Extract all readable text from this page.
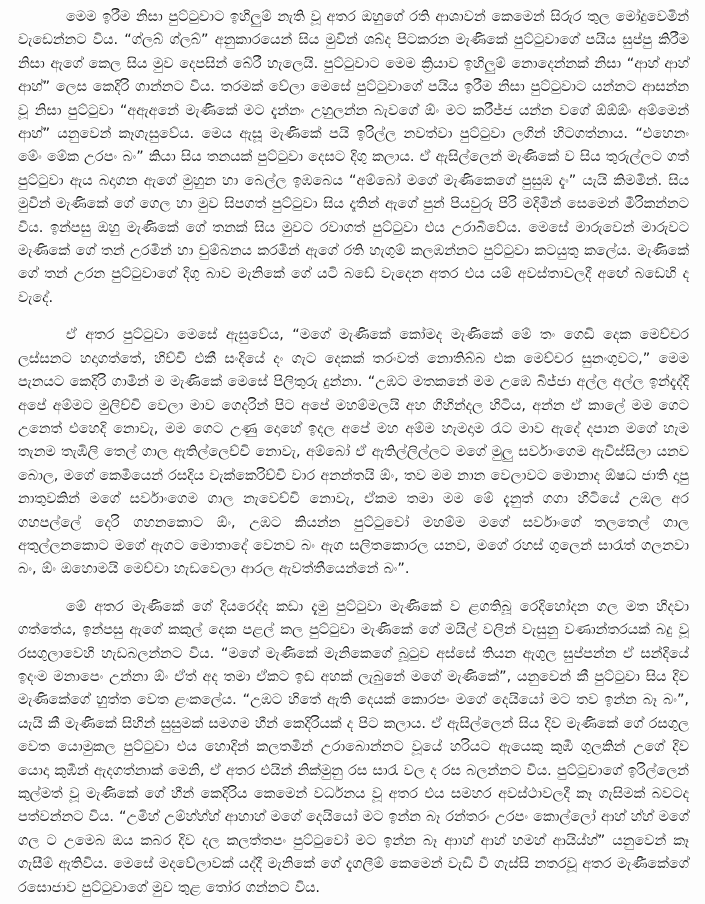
මෙම ඉරීම නිසා පුට්ටුවාට ඉහිලුම් නැති වූ අතර ඔහුගේ රති ආශාවන් කෙමෙන් සිරුර තුල මෝදුවෙමින් වැඩෙන්නට විය. “ග්ලබ් ග්ලබ්” අනුකාරයෙන් සිය මුවින් ශබ්ද පිටකරන මැණිකේ පුට්ටුවාගේ පයිය සුප්පු කිරීම නිසා ඇගේ කෙල සිය මුව දෙපසින් බේරී හැලෙයි. පුට්ටුවාට මෙම ක්‍රියාව ඉහිලුම් නොදෙන්නක් නිසා “ආහ් ආහ් ආහ්” ලෙස කෙදිරි ගාන්නට විය. තරමක් වේලා මෙසේ පුට්ටුවාගේ පයිය ඉරීම නිසා පුට්ටුවාට යන්නට ආසන්න වූ නිසා පුට්ටුවා “අඇඅනේ මැණිකේ මට දැන්නං උහුලන්න බැවගේ ඕං මට කරීජ්ජ යන්න වගේ ඕඕඕං අම්මෙන් ආහ්” යනුවෙන් කෑගැසුවේය. මෙය ඇසූ මැණිකේ පයි ඉරිල්ල නවත්වා පුට්ටුවා ලගින් හිටගත්නාය. “එහෙනං මේං මේක උරපං බං” කියා සිය තනයක් පුට්ටුවා දෙසට දිගු කලාය. ඒ ඇසිල්ලෙන් මැණිකේ ව සිය තුරුල්ලට ගත් පුට්ටුවා ඇය බදාගන ඇගේ මුහුන හා බෙල්ල ඉඹබෙය “අම්බෝ මගේ මැණිකෙගේ පුසුඹ දැං” යැයි කිමමින්. සිය මුවින් මැණිකේ ගේ ගෙල හා මුව සිපගත් පුට්ටුවා සිය දෑතින් ඇගේ පුන් පියවුරු පිරි මදිමින් සෙමෙන් මීරිකන්නට විය. ඉන්පසු ඔහු මැණිකේ ගේ තනක් සිය මුවට රවාගත් පුට්ටුවා එය උරාබීවේය. මෙසේ මාරුවෙන් මාරුවට මැණිකේ ගේ තන් උරමින් හා චුම්බනය කරමින් ඇගේ රති හැගුම් කලඹන්නට පුට්ටුවා කටයුතු කලේය. මැණිකේ ගේ තන් උරන පුට්ටුවාගේ දිගු බාව මැනිකේ ගේ යටි බඩේ වැදෙන අතර එය යම් අවස්තාවලදී අඟේ බඩෙහි ද වැදේ.

ඒ අතර පුට්ටුවා මෙසේ ඇසුවේය, “මගේ මැණිකේ කෝමද මැණිකේ මේ තං ගෙඩි දෙක මෙච්චර ලස්සනට හදාගත්තේ, හිච්චි එකී සංදියේ දං ගැට දෙකක් තරංවත් නොතිබ්බ එක මෙච්චර සුනංගුවට,” මෙම පැනයට කෙදිරි ගාමින් ම මැණිකේ මෙසේ පිලිතුරු දුන්නා. “උඹට මතකනේ මම උඹෙ බිජ්ජා අල්ල අල්ල ඉන්දැද්දි අපේ අම්මට මුලිච්චි වෙලා මාව ගෙදරින් පිට අපේ මහම්මලයි අහ ගිහින්දල හිටිය, අන්න ඒ කාලේ මම ගෙට උනෙත් එහෙදි නොවැ, මම ගෙට උණු දොහේ ඉදල අපේ මහ අම්ම හැමදාම රැට මාව ඇදේ දපාන මගේ හැම තැනම තැඹිලි තෙල් ගාල ඇතිල්ලෙච්චි නොවැ, අම්බෝ ඒ ඇතිල්ලිල්ලට මගේ මුලු සර්වාංගෙම ඇවිස්සිලා යනව බොල, මගේ කෙමීයෙන් රසදිය වැක්කෙරිච්චි වාර අනන්තයි ඕං, තව මම නාන වෙලාවට මොනාද ඕෂධ ජාති දාපු නාතුවකින් මගේ සර්වාංගෙම ගාල නැවෙච්චි නොවැ, ඒකම තමා මම මේ දැනුත් ගගා හිටියේ උඹල අර ගහපල්ලේ දෙරි ගහනකොට ඕං, උඹට කියන්න පුට්ටුවෝ මහම්ම මගේ සර්වාංගේ තලතෙල් ගාල අතුල්ලනකොට මගේ ඇගට මොතාදේ වෙනව බං ඇග සලිතකොරල යනව, මගේ රහස් ගුලෙන් සාරැත් ගලනවා බං, ඕං ඔහොමයි මෙච්චා හැඩවෙලා ආරල ඇවත්තීයෙන්නේ බං”.

මේ අතර මැණිකේ ගේ දියරෙද්ද කඩා දැමු පුට්ටුවා මැණිකේ ව ළගතිබූ රෙදිහෝදන ගල මත හිදවා ගත්තේය, ඉන්පසු ඇගේ කකුල් දෙක පළල් කල පුට්ටුවා මැණිකේ ගේ මයිල් වලින් වැසුනු වණාන්තරයක් බදු වූ රසගුලාවෙහි හැඩබලන්නට විය. “මගේ මැණිකේ මැනිකෙගේ බූටුව අස්සේ තියන ඇගුල සුප්පන්න ඒ සන්දියේ ඉදංම මනාපෙං උන්නා ඕං ඒත් අද තමා ඒකට ඉඩ අහක් ලැබුනේ මගේ මැණිකේ”, යනුවෙන් කී පුට්ටුවා සිය දිව මැණිකේගේ හුත්ත වෙත ළංකලේය. “උඹට හිතේ ඇති දෙයක් කොරපං මගේ දෙයියෝ මට තව ඉන්න බෑ බං”, යැයි කී මැණිකේ සිහින් සුසුමක් සමගම හීන් කෙදිරියක් ද පිට කලාය. ඒ ඇසිල්ලෙන් සිය දිව මැණිකේ ගේ රසගුල වෙත යොමුකල පුට්ටුවා එය හොදින් කලතමින් උරාබොන්නට වූයේ හරියට ඇයෙකු කුඹී ගුලකින් උගේ දිව යොදා කුඹීන් ඇදගත්නාක් මෙනි, ඒ අතර එයින් නික්මුනු රස සාරැ වල ද රස බලන්නට විය. පුට්ටුවාගේ ඉරිල්ලෙන් කුල්මත් වූ මැණිකේ ගේ හීන් කෙදිරිය කෙමෙන් වර්ධනය වූ අතර එය සමහර අවස්ථාවලදී කෑ ගැසිමක් බවටද පත්වන්නට විය. “උමිහ් උම්හ්හ්හ් ආහාහ් මගේ දෙයියෝ මට ඉන්න බෑ රන්තරං උරපං කොල්ලෝ ආහ් හ්හ් මගේ ගල ට උමෙබ ඔය කබර දිව දල කලත්තපං පුට්ටුවෝ මට ඉන්න බෑ ආ‍ාහ් ආහ් හමහ් ආයිය්හ්” යනුවෙන් කෑ ගැසීම් ඇතිවිය. මෙසේ මදවේලාවක් යද්දී මැනිකේ ගේ දැගලීම් කෙමෙන් වැඩි වී ගැස්සි නතරවූ අතර මැණීකේගේ රසොජාව පුට්ටුවාගේ මුව තුළ තෝර ගන්නට විය.
